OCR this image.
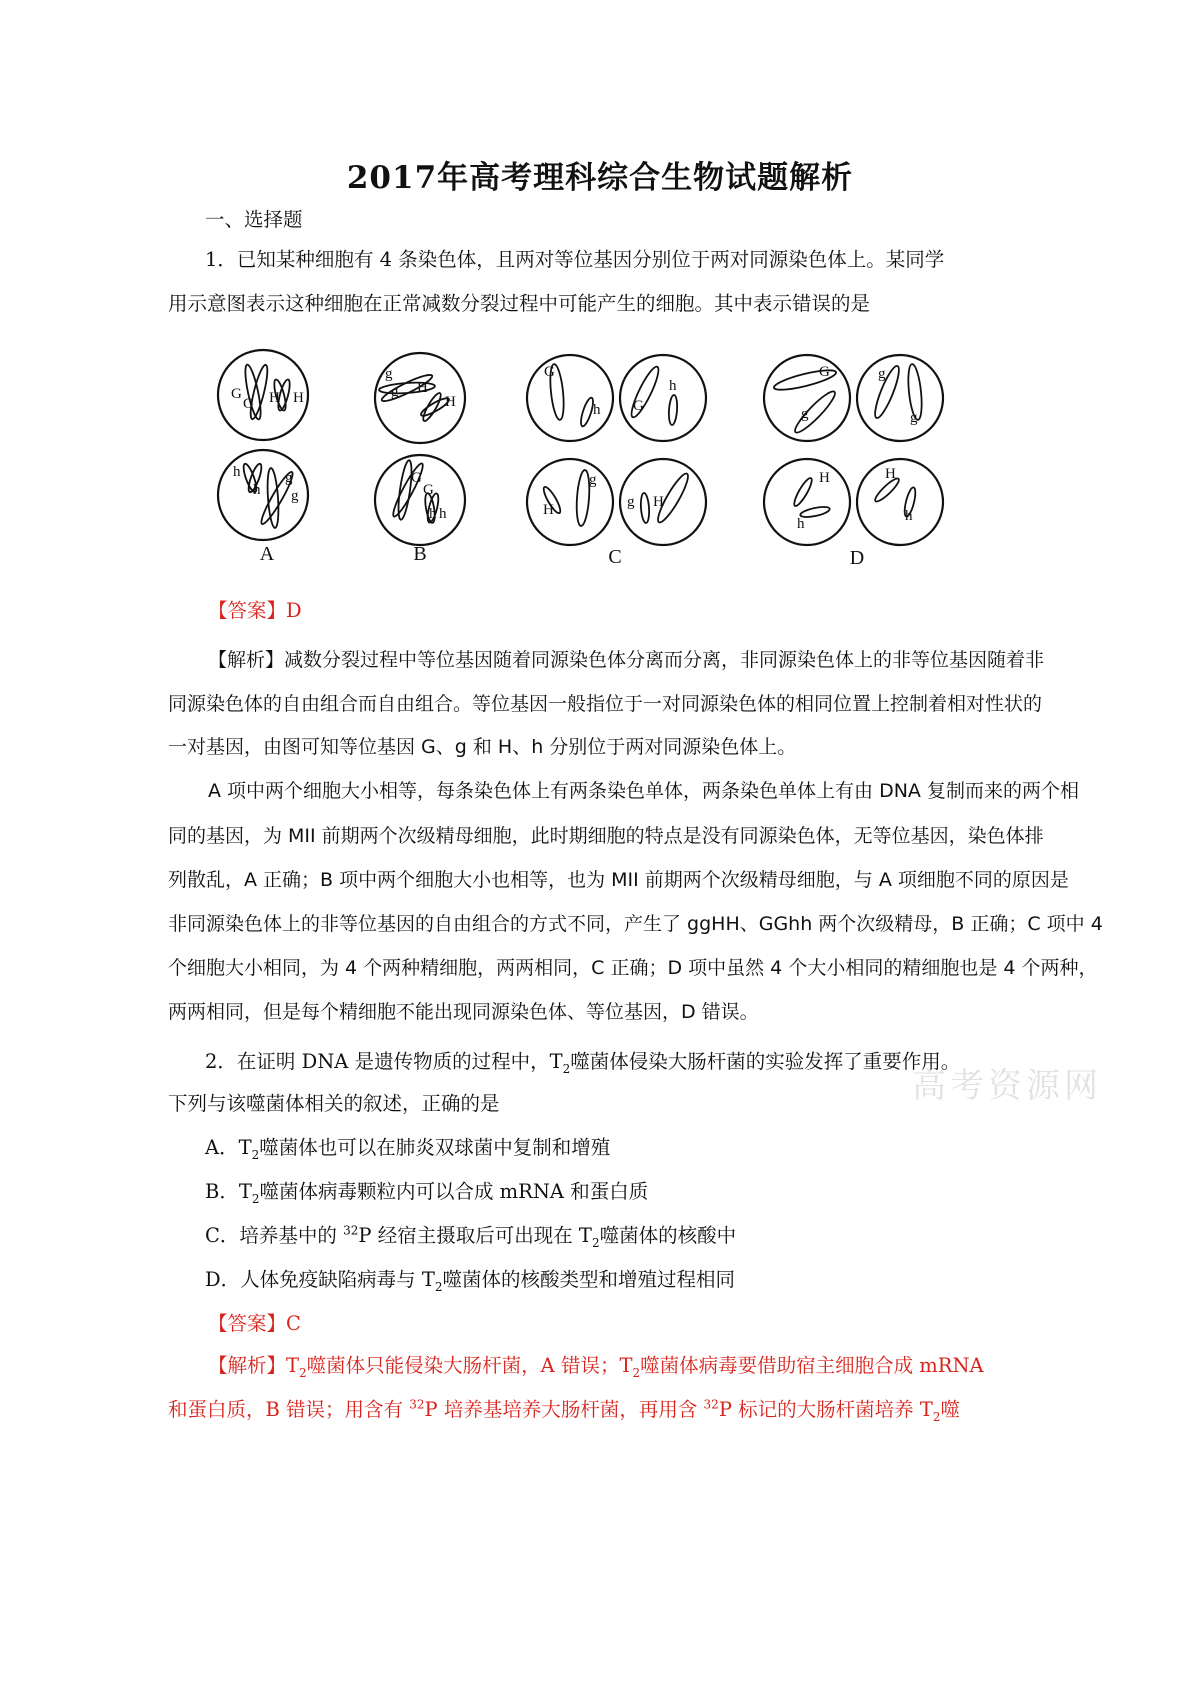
2017年高考理科综合生物试题解析
一、选择题
1．已知某种细胞有 4 条染色体，且两对等位基因分别位于两对同源染色体上。某同学
用示意图表示这种细胞在正常减数分裂过程中可能产生的细胞。其中表示错误的是
G
G H H
h
h
g
g
g
g H
H
G
G
h h
G
h G
h
H
g
g H
G
g
g
g
H
h
H
h
A	B	C	D
【答案】D
【解析】减数分裂过程中等位基因随着同源染色体分离而分离，非同源染色体上的非等位基因随着非
同源染色体的自由组合而自由组合。等位基因一般指位于一对同源染色体的相同位置上控制着相对性状的
一对基因，由图可知等位基因 G、g 和 H、h 分别位于两对同源染色体上。
A 项中两个细胞大小相等，每条染色体上有两条染色单体，两条染色单体上有由 DNA 复制而来的两个相
同的基因，为 MII 前期两个次级精母细胞，此时期细胞的特点是没有同源染色体，无等位基因，染色体排
列散乱，A 正确；B 项中两个细胞大小也相等，也为 MII 前期两个次级精母细胞，与 A 项细胞不同的原因是
非同源染色体上的非等位基因的自由组合的方式不同，产生了 ggHH、GGhh 两个次级精母，B 正确；C 项中 4
个细胞大小相同，为 4 个两种精细胞，两两相同，C 正确；D 项中虽然 4 个大小相同的精细胞也是 4 个两种，
两两相同，但是每个精细胞不能出现同源染色体、等位基因，D 错误。
高考资源网
2．在证明 DNA 是遗传物质的过程中，$T_2$噬菌体侵染大肠杆菌的实验发挥了重要作用。
下列与该噬菌体相关的叙述，正确的是
A．$T_2$噬菌体也可以在肺炎双球菌中复制和增殖
B．$T_2$噬菌体病毒颗粒内可以合成 mRNA 和蛋白质
C．培养基中的 $^{32}$P 经宿主摄取后可出现在 $T_2$噬菌体的核酸中
D．人体免疫缺陷病毒与 $T_2$噬菌体的核酸类型和增殖过程相同
【答案】C
【解析】$T_2$噬菌体只能侵染大肠杆菌，A 错误；$T_2$噬菌体病毒要借助宿主细胞合成 mRNA
和蛋白质，B 错误；用含有 $^{32}$P 培养基培养大肠杆菌，再用含 $^{32}$P 标记的大肠杆菌培养 $T_2$噬
